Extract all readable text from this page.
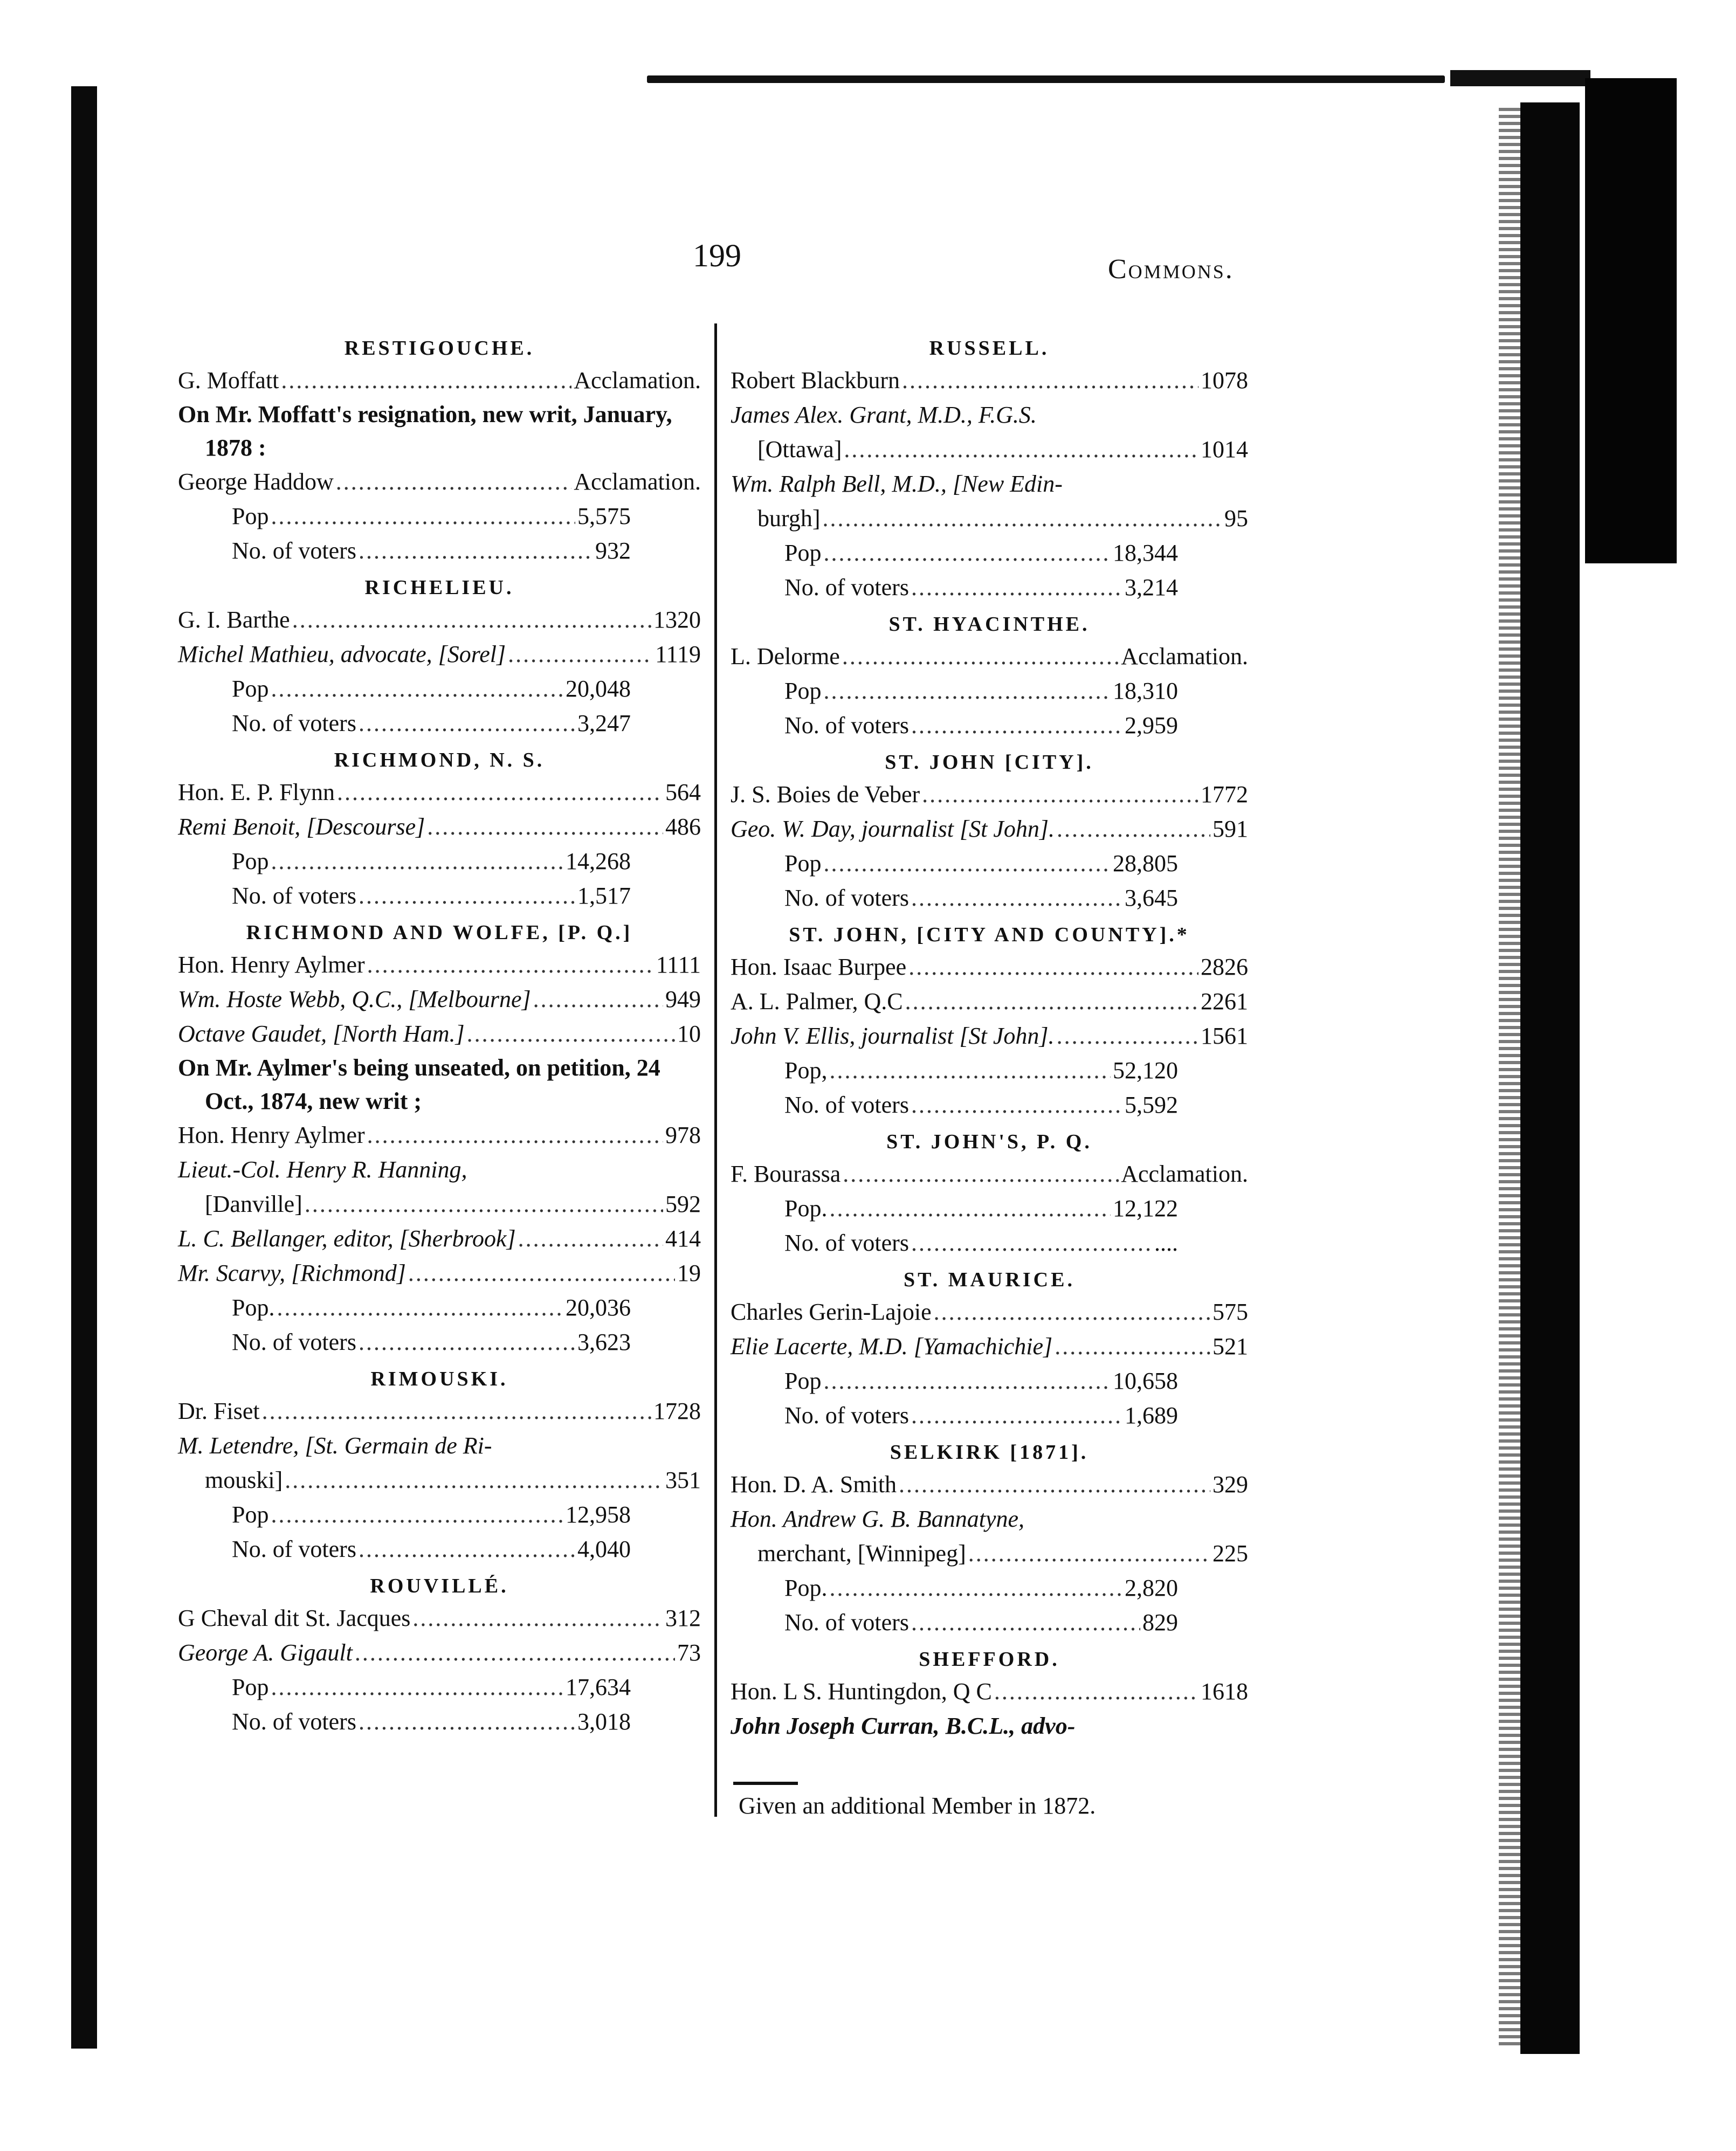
199	Commons.
RESTIGOUCHE.
G. Moffatt .....	Acclamation.
On Mr. Moffatt's resignation, new writ, January, 1878 :
George Haddow .....	Acclamation.
Pop .....	5,575
No. of voters .....	932
RICHELIEU.
G. I. Barthe .....	1320
Michel Mathieu, advocate, [Sorel] .....	1119
Pop .....	20,048
No. of voters .....	3,247
RICHMOND, N. S.
Hon. E. P. Flynn .....	564
Remi Benoit, [Descourse] .....	486
Pop .....	14,268
No. of voters .....	1,517
RICHMOND AND WOLFE, [P. Q.]
Hon. Henry Aylmer .....	1111
Wm. Hoste Webb, Q.C., [Melbourne] .....	949
Octave Gaudet, [North Ham.] .....	10
On Mr. Aylmer's being unseated, on petition, 24 Oct., 1874, new writ ;
Hon. Henry Aylmer .....	978
Lieut.-Col. Henry R. Hanning,
[Danville] .....	592
L. C. Bellanger, editor, [Sherbrook] .....	414
Mr. Scarvy, [Richmond] .....	19
Pop. .....	20,036
No. of voters .....	3,623
RIMOUSKI.
Dr. Fiset .....	1728
M. Letendre, [St. Germain de Ri-
mouski] .....	351
Pop .....	12,958
No. of voters .....	4,040
ROUVILLÉ.
G Cheval dit St. Jacques .....	312
George A. Gigault .....	73
Pop .....	17,634
No. of voters .....	3,018
RUSSELL.
Robert Blackburn .....	1078
James Alex. Grant, M.D., F.G.S.
[Ottawa] .....	1014
Wm. Ralph Bell, M.D., [New Edin-
burgh] .....	95
Pop .....	18,344
No. of voters .....	3,214
ST. HYACINTHE.
L. Delorme .....	Acclamation.
Pop .....	18,310
No. of voters .....	2,959
ST. JOHN [CITY].
J. S. Boies de Veber .....	1772
Geo. W. Day, journalist [St John]. .....	591
Pop .....	28,805
No. of voters .....	3,645
ST. JOHN, [CITY AND COUNTY].*
Hon. Isaac Burpee .....	2826
A. L. Palmer, Q.C .....	2261
John V. Ellis, journalist [St John]. .....	1561
Pop, .....	52,120
No. of voters .....	5,592
ST. JOHN'S, P. Q.
F. Bourassa .....	Acclamation.
Pop. .....	12,122
No. of voters .....	....
ST. MAURICE.
Charles Gerin-Lajoie .....	575
Elie Lacerte, M.D. [Yamachichie] .....	521
Pop .....	10,658
No. of voters .....	1,689
SELKIRK [1871].
Hon. D. A. Smith .....	329
Hon. Andrew G. B. Bannatyne,
merchant, [Winnipeg] .....	225
Pop. .....	2,820
No. of voters .....	829
SHEFFORD.
Hon. L S. Huntingdon, Q C .....	1618
John Joseph Curran, B.C.L., advo-
Given an additional Member in 1872.
